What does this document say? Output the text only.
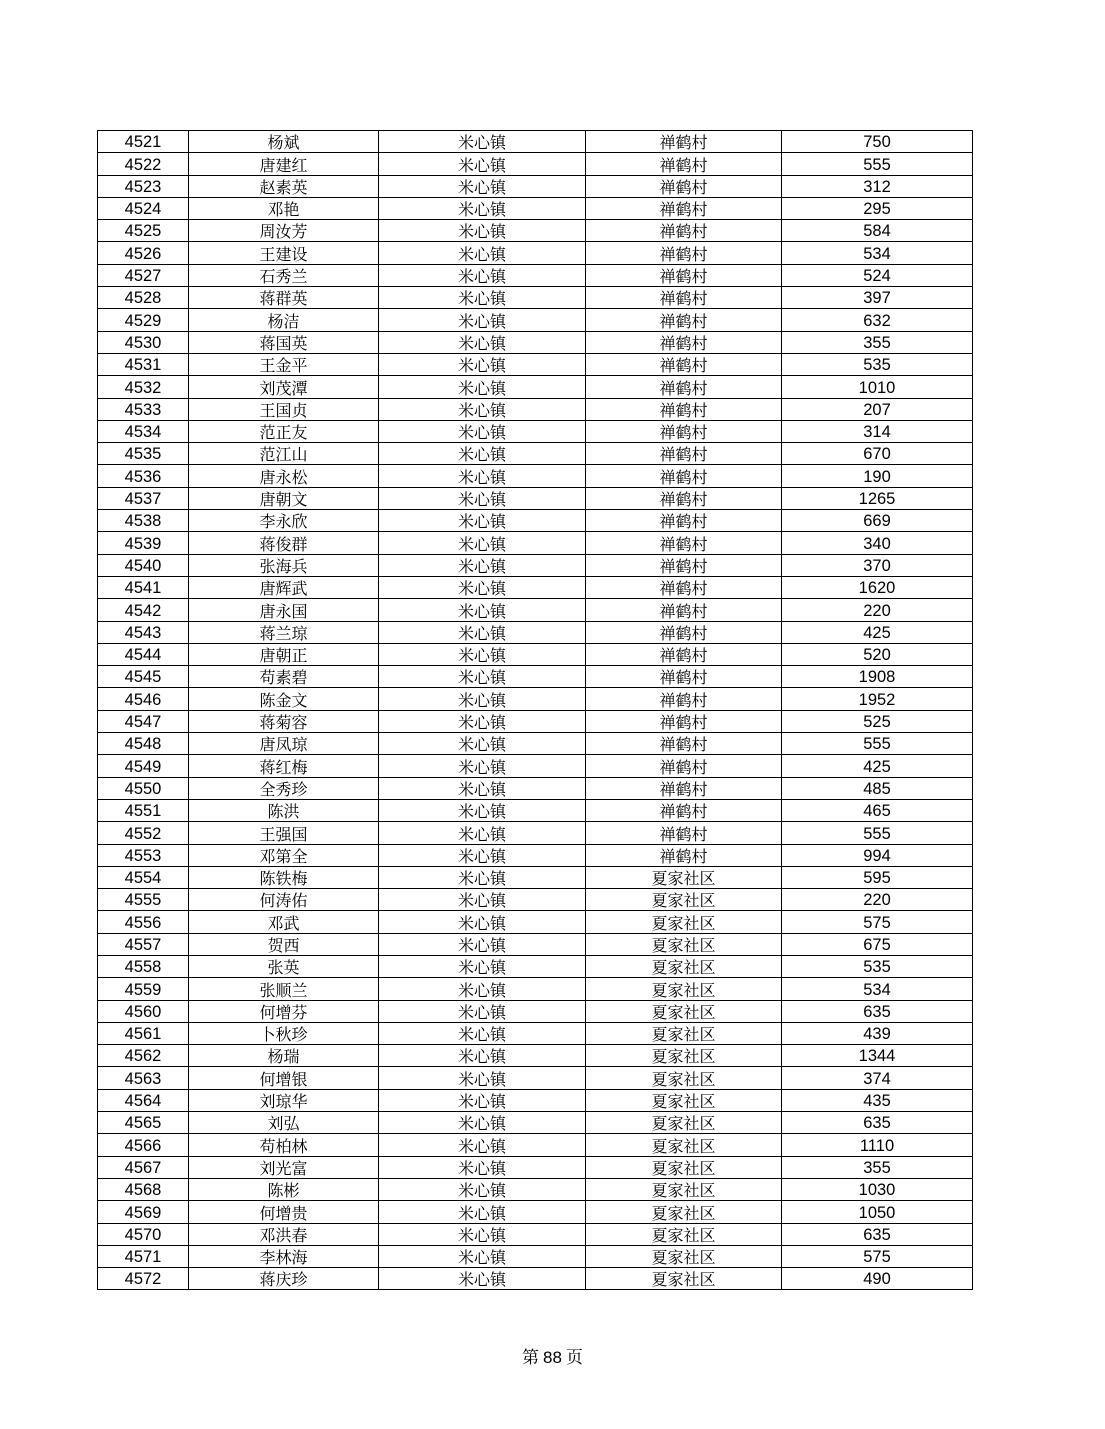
4521	杨斌	米心镇	禅鹤村	750
4522	唐建红	米心镇	禅鹤村	555
4523	赵素英	米心镇	禅鹤村	312
4524	邓艳	米心镇	禅鹤村	295
4525	周汝芳	米心镇	禅鹤村	584
4526	王建设	米心镇	禅鹤村	534
4527	石秀兰	米心镇	禅鹤村	524
4528	蒋群英	米心镇	禅鹤村	397
4529	杨洁	米心镇	禅鹤村	632
4530	蒋国英	米心镇	禅鹤村	355
4531	王金平	米心镇	禅鹤村	535
4532	刘茂潭	米心镇	禅鹤村	1010
4533	王国贞	米心镇	禅鹤村	207
4534	范正友	米心镇	禅鹤村	314
4535	范江山	米心镇	禅鹤村	670
4536	唐永松	米心镇	禅鹤村	190
4537	唐朝文	米心镇	禅鹤村	1265
4538	李永欣	米心镇	禅鹤村	669
4539	蒋俊群	米心镇	禅鹤村	340
4540	张海兵	米心镇	禅鹤村	370
4541	唐辉武	米心镇	禅鹤村	1620
4542	唐永国	米心镇	禅鹤村	220
4543	蒋兰琼	米心镇	禅鹤村	425
4544	唐朝正	米心镇	禅鹤村	520
4545	苟素碧	米心镇	禅鹤村	1908
4546	陈金文	米心镇	禅鹤村	1952
4547	蒋菊容	米心镇	禅鹤村	525
4548	唐凤琼	米心镇	禅鹤村	555
4549	蒋红梅	米心镇	禅鹤村	425
4550	全秀珍	米心镇	禅鹤村	485
4551	陈洪	米心镇	禅鹤村	465
4552	王强国	米心镇	禅鹤村	555
4553	邓第全	米心镇	禅鹤村	994
4554	陈铁梅	米心镇	夏家社区	595
4555	何涛佑	米心镇	夏家社区	220
4556	邓武	米心镇	夏家社区	575
4557	贺西	米心镇	夏家社区	675
4558	张英	米心镇	夏家社区	535
4559	张顺兰	米心镇	夏家社区	534
4560	何增芬	米心镇	夏家社区	635
4561	卜秋珍	米心镇	夏家社区	439
4562	杨瑞	米心镇	夏家社区	1344
4563	何增银	米心镇	夏家社区	374
4564	刘琼华	米心镇	夏家社区	435
4565	刘弘	米心镇	夏家社区	635
4566	苟柏林	米心镇	夏家社区	1110
4567	刘光富	米心镇	夏家社区	355
4568	陈彬	米心镇	夏家社区	1030
4569	何增贵	米心镇	夏家社区	1050
4570	邓洪春	米心镇	夏家社区	635
4571	李林海	米心镇	夏家社区	575
4572	蒋庆珍	米心镇	夏家社区	490
第 88 页
